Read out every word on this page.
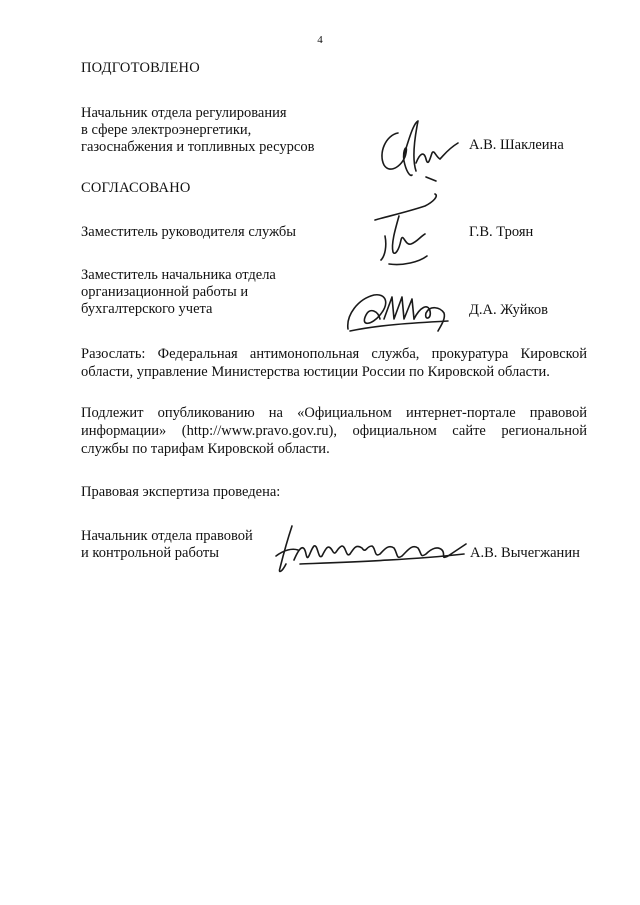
4
ПОДГОТОВЛЕНО
Начальник отдела регулирования
в сфере электроэнергетики,
газоснабжения и топливных ресурсов	А.В. Шаклеина
СОГЛАСОВАНО
Заместитель руководителя службы	Г.В. Троян
Заместитель начальника отдела
организационной работы и
бухгалтерского учета	Д.А. Жуйков
Разослать: Федеральная антимонопольная служба, прокуратура Кировской области, управление Министерства юстиции России по Кировской области.
Подлежит опубликованию на «Официальном интернет-портале правовой информации» (http://www.pravo.gov.ru), официальном сайте региональной службы по тарифам Кировской области.
Правовая экспертиза проведена:
Начальник отдела правовой
и контрольной работы	А.В. Вычегжанин
